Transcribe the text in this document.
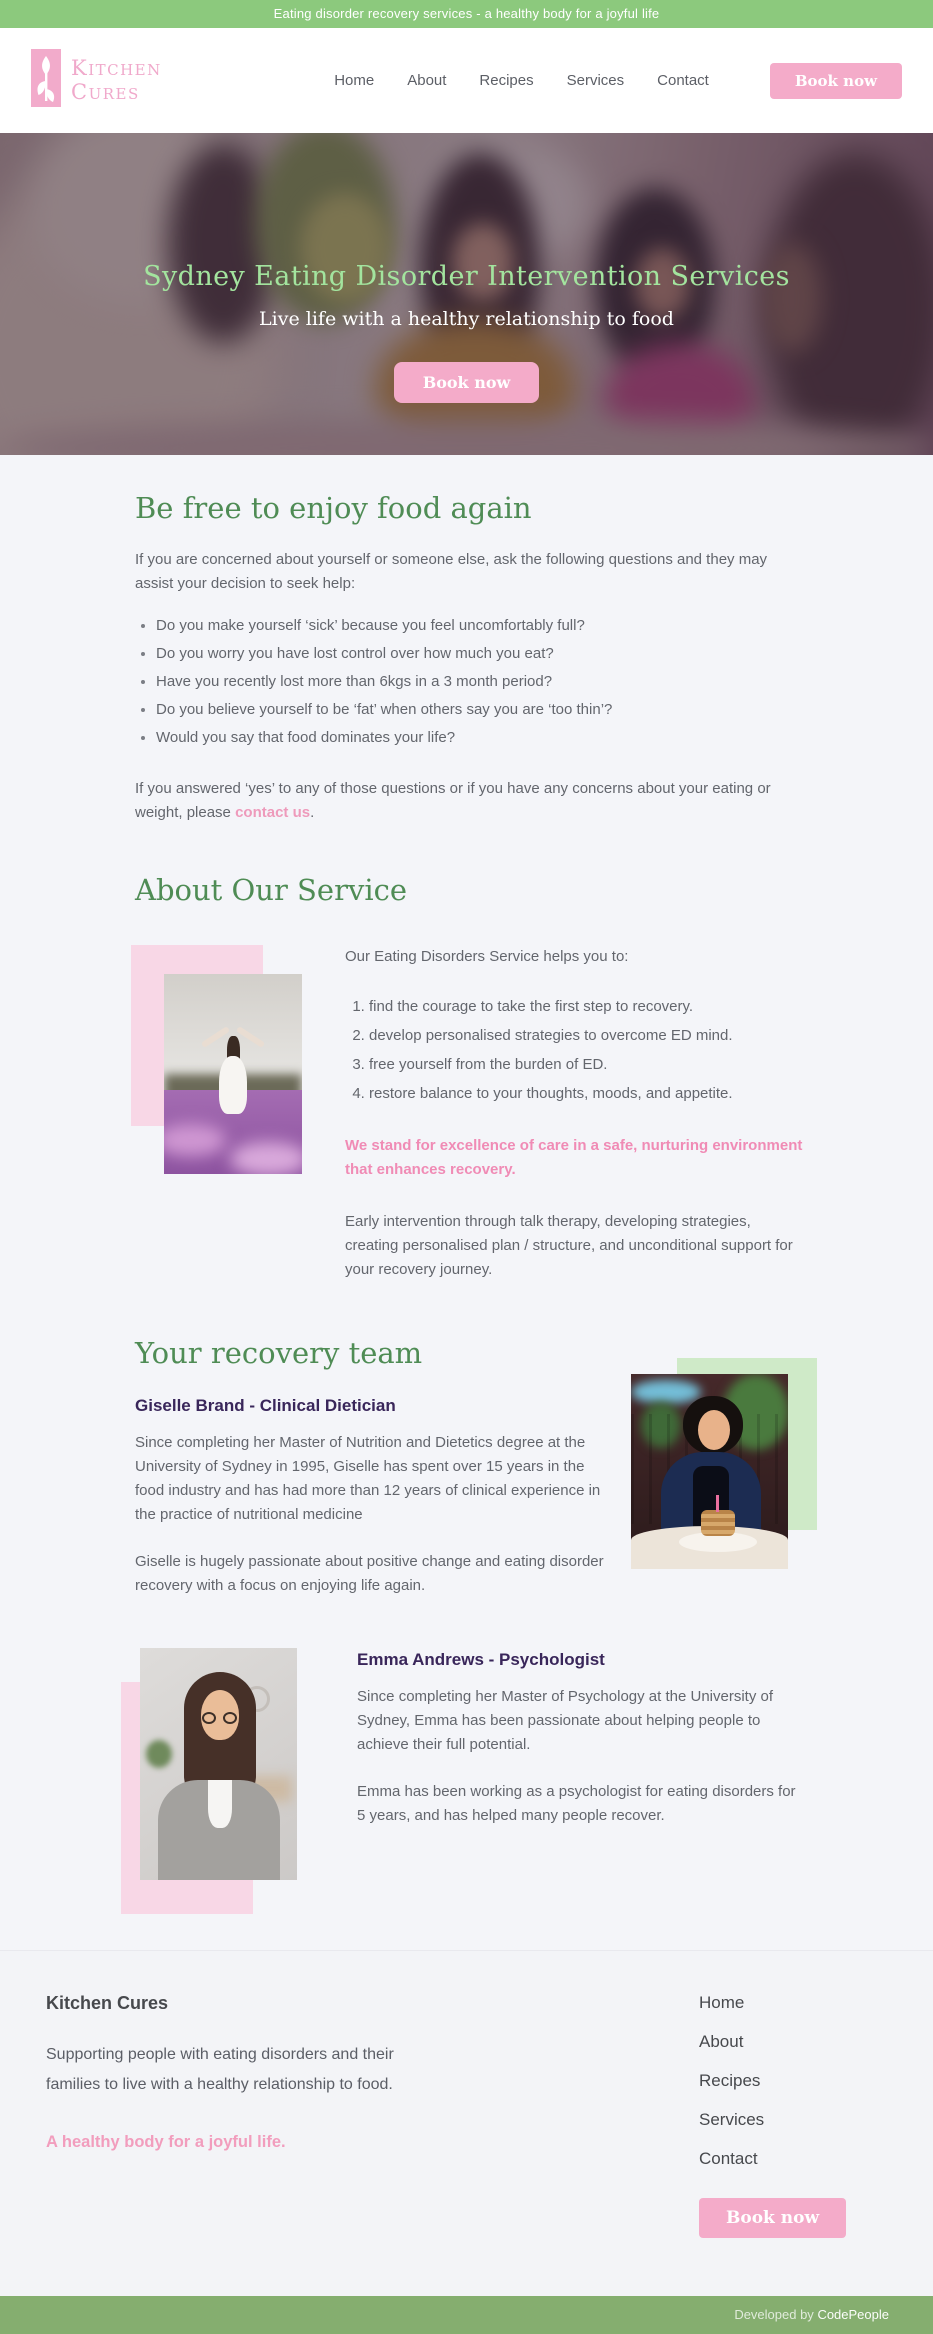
Eating disorder recovery services - a healthy body for a joyful life
Kitchen
Cures	Home About Recipes Services Contact	Book now
Sydney Eating Disorder Intervention Services

Live life with a healthy relationship to food

Book now
Be free to enjoy food again

If you are concerned about yourself or someone else, ask the following questions and they may assist your decision to seek help:

• Do you make yourself ‘sick’ because you feel uncomfortably full?
• Do you worry you have lost control over how much you eat?
• Have you recently lost more than 6kgs in a 3 month period?
• Do you believe yourself to be ‘fat’ when others say you are ‘too thin’?
• Would you say that food dominates your life?

If you answered ‘yes’ to any of those questions or if you have any concerns about your eating or weight, please contact us.

About Our Service

Our Eating Disorders Service helps you to:

1. find the courage to take the first step to recovery.
2. develop personalised strategies to overcome ED mind.
3. free yourself from the burden of ED.
4. restore balance to your thoughts, moods, and appetite.

We stand for excellence of care in a safe, nurturing environment that enhances recovery.

Early intervention through talk therapy, developing strategies, creating personalised plan / structure, and unconditional support for your recovery journey.

Your recovery team
Giselle Brand - Clinical Dietician

Since completing her Master of Nutrition and Dietetics degree at the University of Sydney in 1995, Giselle has spent over 15 years in the food industry and has had more than 12 years of clinical experience in the practice of nutritional medicine

Giselle is hugely passionate about positive change and eating disorder recovery with a focus on enjoying life again.

Emma Andrews - Psychologist

Since completing her Master of Psychology at the University of Sydney, Emma has been passionate about helping people to achieve their full potential.

Emma has been working as a psychologist for eating disorders for 5 years, and has helped many people recover.

Kitchen Cures

Supporting people with eating disorders and their families to live with a healthy relationship to food.

A healthy body for a joyful life.

Home
About
Recipes
Services
Contact
Book now
Developed by CodePeople
